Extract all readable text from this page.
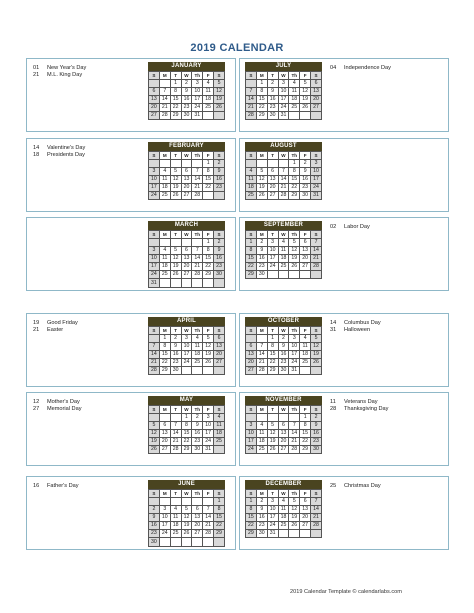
2019 CALENDAR
01	New Year's Day
21	M.L. King Day
JANUARY
S	M	T	W	Th	F	S
		1	2	3	4	5
6	7	8	9	10	11	12
13	14	15	16	17	18	19
20	21	22	23	24	25	26
27	28	29	30	31		
04	Independence Day
JULY
S	M	T	W	Th	F	S
	1	2	3	4	5	6
7	8	9	10	11	12	13
14	15	16	17	18	19	20
21	22	23	24	25	26	27
28	29	30	31			
14	Valentine's Day
18	Presidents Day
FEBRUARY
S	M	T	W	Th	F	S
					1	2
3	4	5	6	7	8	9
10	11	12	13	14	15	16
17	18	19	20	21	22	23
24	25	26	27	28		
AUGUST
S	M	T	W	Th	F	S
				1	2	3
4	5	6	7	8	9	10
11	12	13	14	15	16	17
18	19	20	21	22	23	24
25	26	27	28	29	30	31
MARCH
S	M	T	W	Th	F	S
					1	2
3	4	5	6	7	8	9
10	11	12	13	14	15	16
17	18	19	20	21	22	23
24	25	26	27	28	29	30
31						
02	Labor Day
SEPTEMBER
S	M	T	W	Th	F	S
1	2	3	4	5	6	7
8	9	10	11	12	13	14
15	16	17	18	19	20	21
22	23	24	25	26	27	28
29	30					
19	Good Friday
21	Easter
APRIL
S	M	T	W	Th	F	S
	1	2	3	4	5	6
7	8	9	10	11	12	13
14	15	16	17	18	19	20
21	22	23	24	25	26	27
28	29	30				
14	Columbus Day
31	Halloween
OCTOBER
S	M	T	W	Th	F	S
		1	2	3	4	5
6	7	8	9	10	11	12
13	14	15	16	17	18	19
20	21	22	23	24	25	26
27	28	29	30	31		
12	Mother's Day
27	Memorial Day
MAY
S	M	T	W	Th	F	S
			1	2	3	4
5	6	7	8	9	10	11
12	13	14	15	16	17	18
19	20	21	22	23	24	25
26	27	28	29	30	31	
11	Veterans Day
28	Thanksgiving Day
NOVEMBER
S	M	T	W	Th	F	S
					1	2
3	4	5	6	7	8	9
10	11	12	13	14	15	16
17	18	19	20	21	22	23
24	25	26	27	28	29	30
16	Father's Day	JUNE
S	M	T	W	Th	F	S
						1
2	3	4	5	6	7	8
9	10	11	12	13	14	15
16	17	18	19	20	21	22
23	24	25	26	27	28	29
30						
25	Christmas Day
DECEMBER
S	M	T	W	Th	F	S
1	2	3	4	5	6	7
8	9	10	11	12	13	14
15	16	17	18	19	20	21
22	23	24	25	26	27	28
29	30	31				
2019 Calendar Template © calendarlabs.com
